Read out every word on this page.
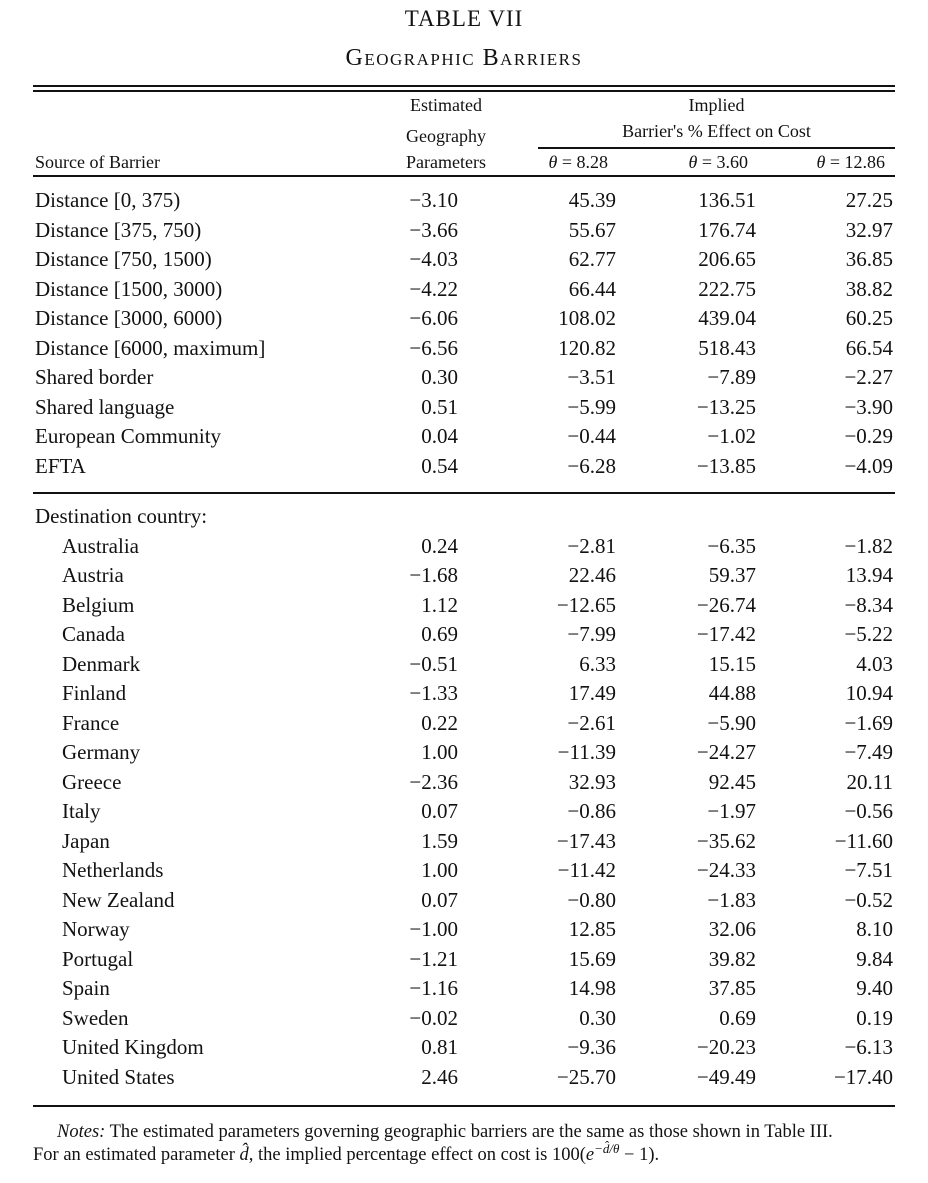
TABLE VII
Geographic Barriers
	Estimated	Implied		

	Geography	Barrier's % Effect on Cost		

Source of Barrier	Parameters	θ = 8.28	θ = 3.60	θ = 12.86
Distance [0, 375)	−3.10	45.39	136.51	27.25
Distance [375, 750)	−3.66	55.67	176.74	32.97
Distance [750, 1500)	−4.03	62.77	206.65	36.85
Distance [1500, 3000)	−4.22	66.44	222.75	38.82
Distance [3000, 6000)	−6.06	108.02	439.04	60.25
Distance [6000, maximum]	−6.56	120.82	518.43	66.54
Shared border	0.30	−3.51	−7.89	−2.27
Shared language	0.51	−5.99	−13.25	−3.90
European Community	0.04	−0.44	−1.02	−0.29
EFTA	0.54	−6.28	−13.85	−4.09
Destination country:				
Australia	0.24	−2.81	−6.35	−1.82
Austria	−1.68	22.46	59.37	13.94
Belgium	1.12	−12.65	−26.74	−8.34
Canada	0.69	−7.99	−17.42	−5.22
Denmark	−0.51	6.33	15.15	4.03
Finland	−1.33	17.49	44.88	10.94
France	0.22	−2.61	−5.90	−1.69
Germany	1.00	−11.39	−24.27	−7.49
Greece	−2.36	32.93	92.45	20.11
Italy	0.07	−0.86	−1.97	−0.56
Japan	1.59	−17.43	−35.62	−11.60
Netherlands	1.00	−11.42	−24.33	−7.51
New Zealand	0.07	−0.80	−1.83	−0.52
Norway	−1.00	12.85	32.06	8.10
Portugal	−1.21	15.69	39.82	9.84
Spain	−1.16	14.98	37.85	9.40
Sweden	−0.02	0.30	0.69	0.19
United Kingdom	0.81	−9.36	−20.23	−6.13
United States	2.46	−25.70	−49.49	−17.40
Notes: The estimated parameters governing geographic barriers are the same as those shown in Table III.
For an estimated parameter d̂, the implied percentage effect on cost is $100(e^{-d̂/\theta} - 1)$.
